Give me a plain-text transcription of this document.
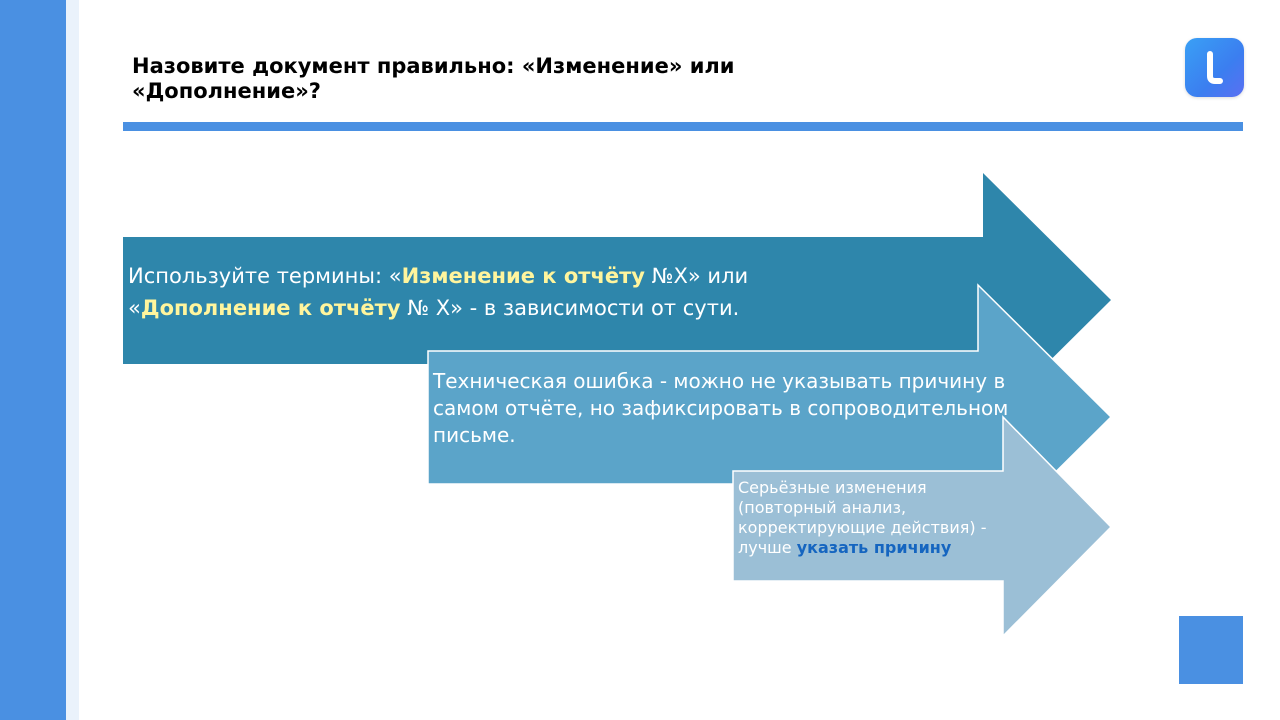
Назовите документ правильно: «Изменение» или «Дополнение»?

Используйте термины: «Изменение к отчёту №X» или «Дополнение к отчёту № X» - в зависимости от сути.

Техническая ошибка - можно не указывать причину в самом отчёте, но зафиксировать в сопроводительном письме.

Серьёзные изменения (повторный анализ, корректирующие действия) - лучше указать причину
